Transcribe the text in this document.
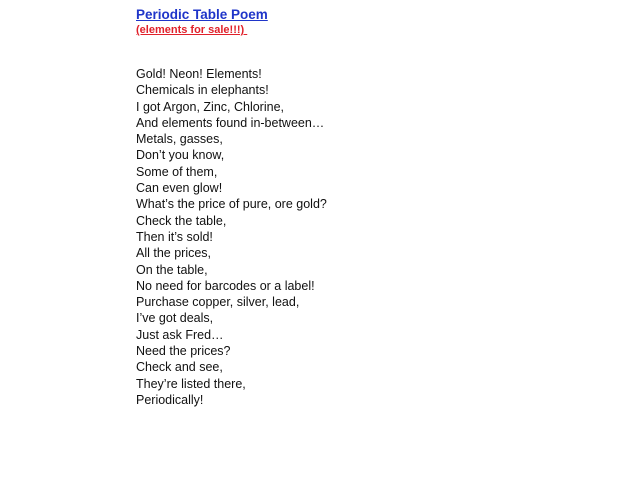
Periodic Table Poem

(elements for sale!!!)

Gold! Neon! Elements!
Chemicals in elephants!
I got Argon, Zinc, Chlorine,
And elements found in-between…
Metals, gasses,
Don’t you know,
Some of them,
Can even glow!
What’s the price of pure, ore gold?
Check the table,
Then it’s sold!
All the prices,
On the table,
No need for barcodes or a label!
Purchase copper, silver, lead,
I’ve got deals,
Just ask Fred…
Need the prices?
Check and see,
They’re listed there,
Periodically!
